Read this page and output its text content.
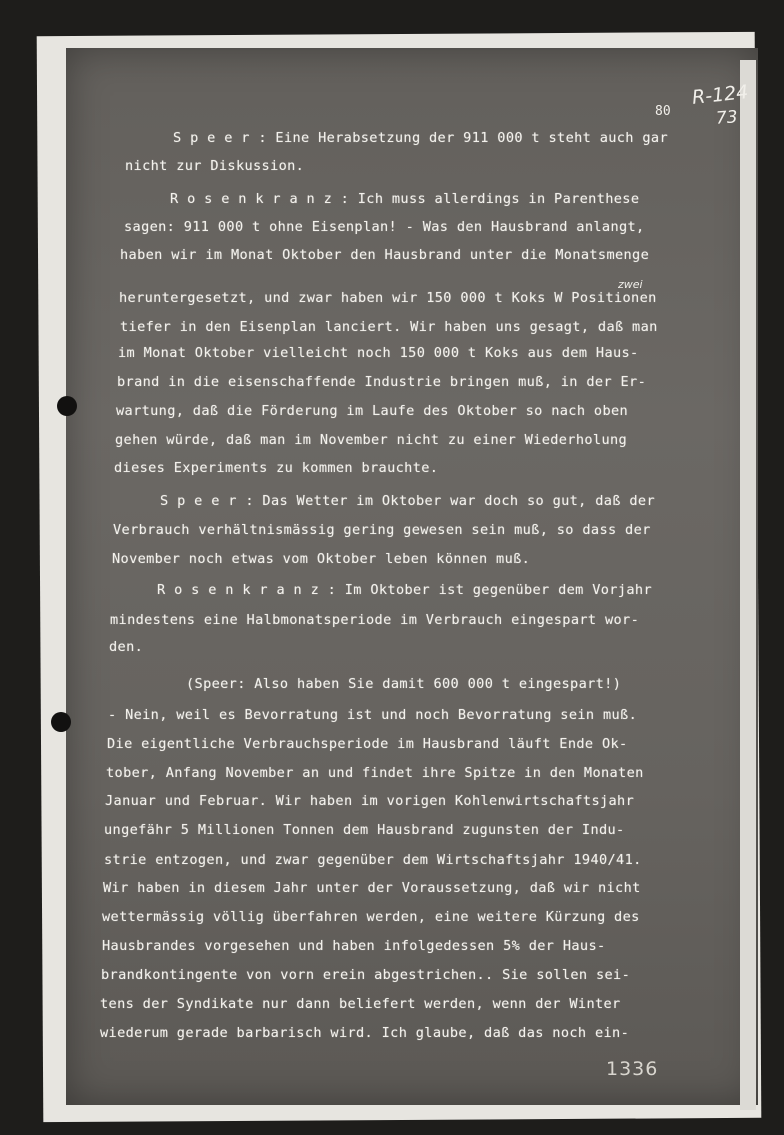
80
R-124
73
1336
zwei
S p e e r : Eine Herabsetzung der 911 000 t steht auch gar
nicht zur Diskussion.
R o s e n k r a n z : Ich muss allerdings in Parenthese
sagen: 911 000 t ohne Eisenplan! - Was den Hausbrand anlangt,
haben wir im Monat Oktober den Hausbrand unter die Monatsmenge
heruntergesetzt, und zwar haben wir 150 000 t Koks W Positionen
tiefer in den Eisenplan lanciert. Wir haben uns gesagt, daß man
im Monat Oktober vielleicht noch 150 000 t Koks aus dem Haus-
brand in die eisenschaffende Industrie bringen muß, in der Er-
wartung, daß die Förderung im Laufe des Oktober so nach oben
gehen würde, daß man im November nicht zu einer Wiederholung
dieses Experiments zu kommen brauchte.
S p e e r : Das Wetter im Oktober war doch so gut, daß der
Verbrauch verhältnismässig gering gewesen sein muß, so dass der
November noch etwas vom Oktober leben können muß.
R o s e n k r a n z : Im Oktober ist gegenüber dem Vorjahr
mindestens eine Halbmonatsperiode im Verbrauch eingespart wor-
den.
(Speer: Also haben Sie damit 600 000 t eingespart!)
- Nein, weil es Bevorratung ist und noch Bevorratung sein muß.
Die eigentliche Verbrauchsperiode im Hausbrand läuft Ende Ok-
tober, Anfang November an und findet ihre Spitze in den Monaten
Januar und Februar. Wir haben im vorigen Kohlenwirtschaftsjahr
ungefähr 5 Millionen Tonnen dem Hausbrand zugunsten der Indu-
strie entzogen, und zwar gegenüber dem Wirtschaftsjahr 1940/41.
Wir haben in diesem Jahr unter der Voraussetzung, daß wir nicht
wettermässig völlig überfahren werden, eine weitere Kürzung des
Hausbrandes vorgesehen und haben infolgedessen 5% der Haus-
brandkontingente von vorn erein abgestrichen.. Sie sollen sei-
tens der Syndikate nur dann beliefert werden, wenn der Winter
wiederum gerade barbarisch wird. Ich glaube, daß das noch ein-
